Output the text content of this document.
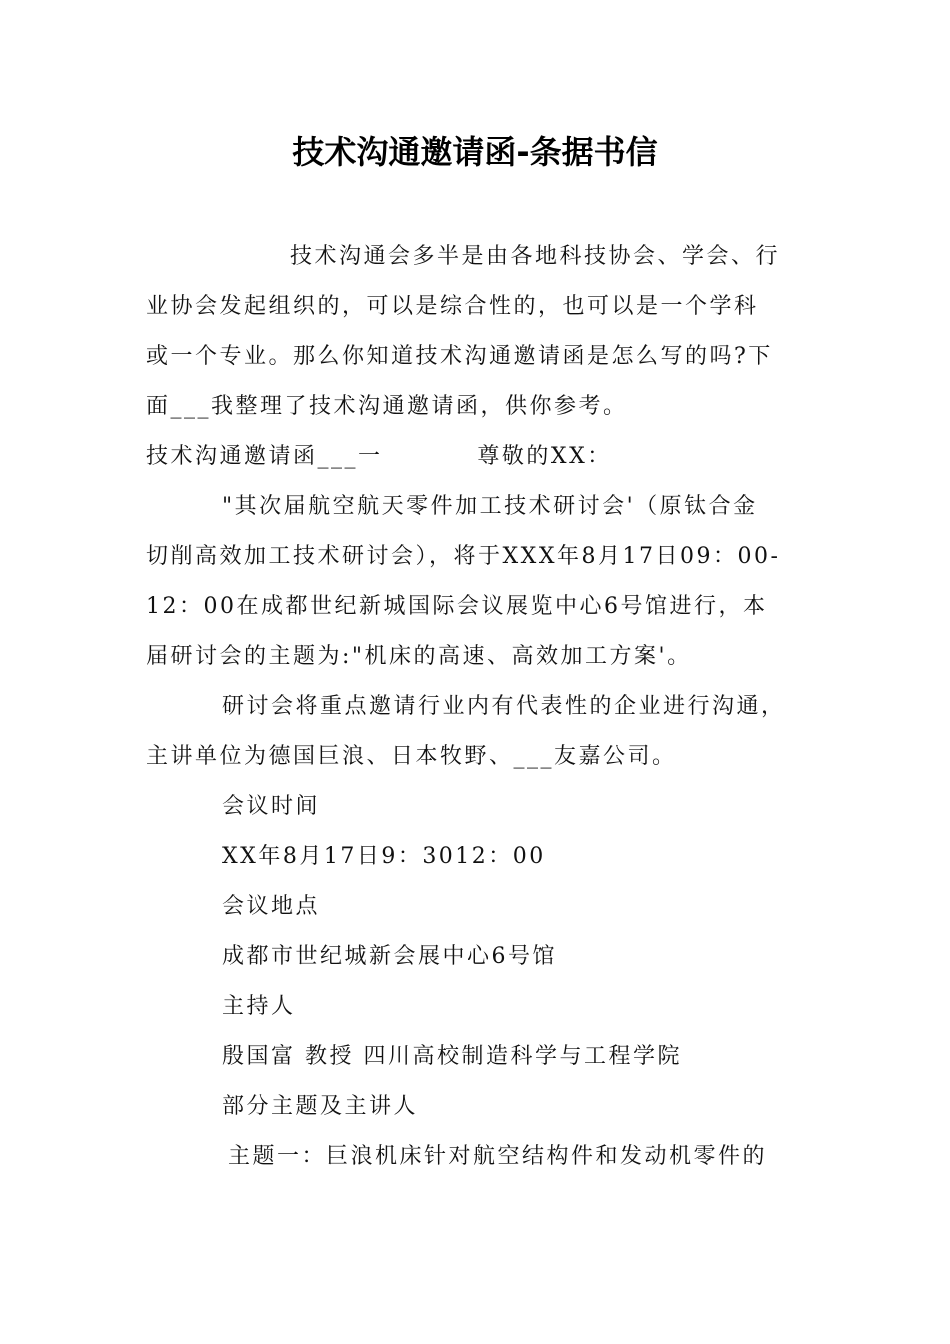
技术沟通邀请函-条据书信
技术沟通会多半是由各地科技协会、学会、行
业协会发起组织的，可以是综合性的，也可以是一个学科
或一个专业。那么你知道技术沟通邀请函是怎么写的吗?下
面___我整理了技术沟通邀请函，供你参考。
技术沟通邀请函___一          尊敬的XX：
"其次届航空航天零件加工技术研讨会'（原钛合金
切削高效加工技术研讨会），将于XXX年8月17日09：00-
12：00在成都世纪新城国际会议展览中心6号馆进行，本
届研讨会的主题为:"机床的高速、高效加工方案'。
研讨会将重点邀请行业内有代表性的企业进行沟通，
主讲单位为德国巨浪、日本牧野、___友嘉公司。
会议时间
XX年8月17日9：3012：00
会议地点
成都市世纪城新会展中心6号馆
主持人
殷国富 教授 四川高校制造科学与工程学院
部分主题及主讲人
主题一：巨浪机床针对航空结构件和发动机零件的
